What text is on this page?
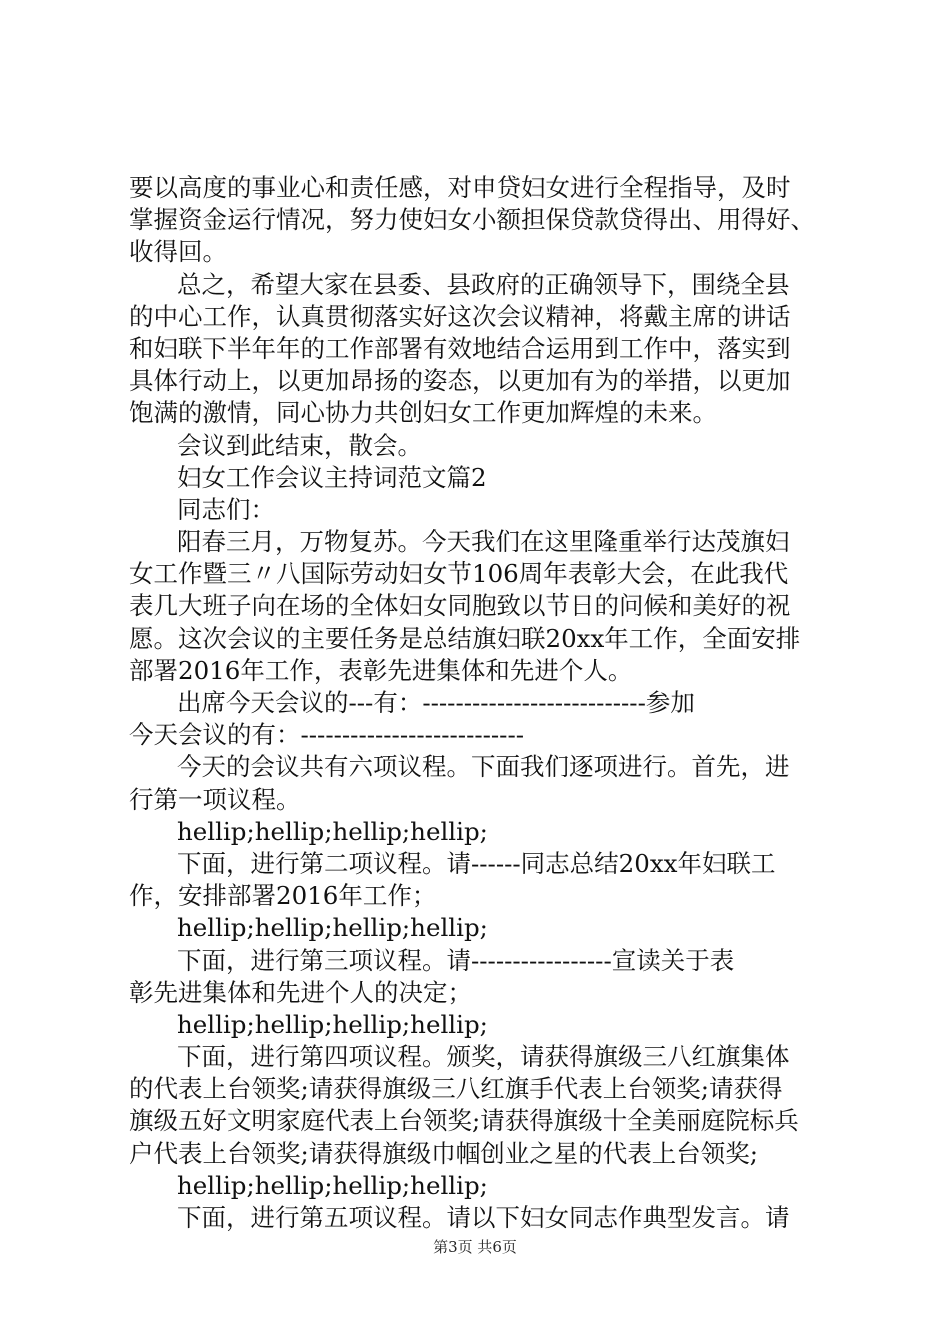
要以高度的事业心和责任感，对申贷妇女进行全程指导，及时
掌握资金运行情况，努力使妇女小额担保贷款贷得出、用得好、
收得回。
总之，希望大家在县委、县政府的正确领导下，围绕全县
的中心工作，认真贯彻落实好这次会议精神，将戴主席的讲话
和妇联下半年年的工作部署有效地结合运用到工作中，落实到
具体行动上，以更加昂扬的姿态，以更加有为的举措，以更加
饱满的激情，同心协力共创妇女工作更加辉煌的未来。
会议到此结束，散会。
妇女工作会议主持词范文篇2
同志们：
阳春三月，万物复苏。今天我们在这里隆重举行达茂旗妇
女工作暨三〃八国际劳动妇女节106周年表彰大会，在此我代
表几大班子向在场的全体妇女同胞致以节日的问候和美好的祝
愿。这次会议的主要任务是总结旗妇联20xx年工作，全面安排
部署2016年工作，表彰先进集体和先进个人。
出席今天会议的---有：---------------------------参加
今天会议的有：---------------------------
今天的会议共有六项议程。下面我们逐项进行。首先，进
行第一项议程。
hellip;hellip;hellip;hellip;
下面，进行第二项议程。请------同志总结20xx年妇联工
作，安排部署2016年工作；
hellip;hellip;hellip;hellip;
下面，进行第三项议程。请-----------------宣读关于表
彰先进集体和先进个人的决定；
hellip;hellip;hellip;hellip;
下面，进行第四项议程。颁奖，请获得旗级三八红旗集体
的代表上台领奖;请获得旗级三八红旗手代表上台领奖;请获得
旗级五好文明家庭代表上台领奖;请获得旗级十全美丽庭院标兵
户代表上台领奖;请获得旗级巾帼创业之星的代表上台领奖;
hellip;hellip;hellip;hellip;
下面，进行第五项议程。请以下妇女同志作典型发言。请
第3页 共6页
